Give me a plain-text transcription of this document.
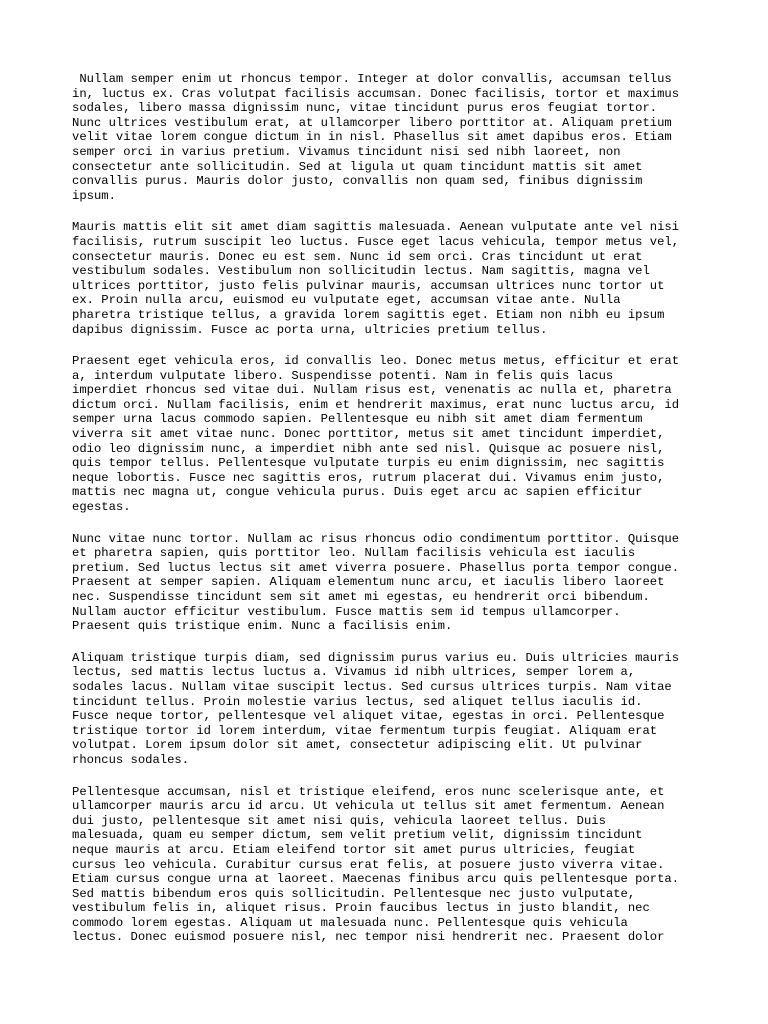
Nullam semper enim ut rhoncus tempor. Integer at dolor convallis, accumsan tellus
in, luctus ex. Cras volutpat facilisis accumsan. Donec facilisis, tortor et maximus
sodales, libero massa dignissim nunc, vitae tincidunt purus eros feugiat tortor.
Nunc ultrices vestibulum erat, at ullamcorper libero porttitor at. Aliquam pretium
velit vitae lorem congue dictum in in nisl. Phasellus sit amet dapibus eros. Etiam
semper orci in varius pretium. Vivamus tincidunt nisi sed nibh laoreet, non
consectetur ante sollicitudin. Sed at ligula ut quam tincidunt mattis sit amet
convallis purus. Mauris dolor justo, convallis non quam sed, finibus dignissim
ipsum.
Mauris mattis elit sit amet diam sagittis malesuada. Aenean vulputate ante vel nisi
facilisis, rutrum suscipit leo luctus. Fusce eget lacus vehicula, tempor metus vel,
consectetur mauris. Donec eu est sem. Nunc id sem orci. Cras tincidunt ut erat
vestibulum sodales. Vestibulum non sollicitudin lectus. Nam sagittis, magna vel
ultrices porttitor, justo felis pulvinar mauris, accumsan ultrices nunc tortor ut
ex. Proin nulla arcu, euismod eu vulputate eget, accumsan vitae ante. Nulla
pharetra tristique tellus, a gravida lorem sagittis eget. Etiam non nibh eu ipsum
dapibus dignissim. Fusce ac porta urna, ultricies pretium tellus.
Praesent eget vehicula eros, id convallis leo. Donec metus metus, efficitur et erat
a, interdum vulputate libero. Suspendisse potenti. Nam in felis quis lacus
imperdiet rhoncus sed vitae dui. Nullam risus est, venenatis ac nulla et, pharetra
dictum orci. Nullam facilisis, enim et hendrerit maximus, erat nunc luctus arcu, id
semper urna lacus commodo sapien. Pellentesque eu nibh sit amet diam fermentum
viverra sit amet vitae nunc. Donec porttitor, metus sit amet tincidunt imperdiet,
odio leo dignissim nunc, a imperdiet nibh ante sed nisl. Quisque ac posuere nisl,
quis tempor tellus. Pellentesque vulputate turpis eu enim dignissim, nec sagittis
neque lobortis. Fusce nec sagittis eros, rutrum placerat dui. Vivamus enim justo,
mattis nec magna ut, congue vehicula purus. Duis eget arcu ac sapien efficitur
egestas.
Nunc vitae nunc tortor. Nullam ac risus rhoncus odio condimentum porttitor. Quisque
et pharetra sapien, quis porttitor leo. Nullam facilisis vehicula est iaculis
pretium. Sed luctus lectus sit amet viverra posuere. Phasellus porta tempor congue.
Praesent at semper sapien. Aliquam elementum nunc arcu, et iaculis libero laoreet
nec. Suspendisse tincidunt sem sit amet mi egestas, eu hendrerit orci bibendum.
Nullam auctor efficitur vestibulum. Fusce mattis sem id tempus ullamcorper.
Praesent quis tristique enim. Nunc a facilisis enim.
Aliquam tristique turpis diam, sed dignissim purus varius eu. Duis ultricies mauris
lectus, sed mattis lectus luctus a. Vivamus id nibh ultrices, semper lorem a,
sodales lacus. Nullam vitae suscipit lectus. Sed cursus ultrices turpis. Nam vitae
tincidunt tellus. Proin molestie varius lectus, sed aliquet tellus iaculis id.
Fusce neque tortor, pellentesque vel aliquet vitae, egestas in orci. Pellentesque
tristique tortor id lorem interdum, vitae fermentum turpis feugiat. Aliquam erat
volutpat. Lorem ipsum dolor sit amet, consectetur adipiscing elit. Ut pulvinar
rhoncus sodales.
Pellentesque accumsan, nisl et tristique eleifend, eros nunc scelerisque ante, et
ullamcorper mauris arcu id arcu. Ut vehicula ut tellus sit amet fermentum. Aenean
dui justo, pellentesque sit amet nisi quis, vehicula laoreet tellus. Duis
malesuada, quam eu semper dictum, sem velit pretium velit, dignissim tincidunt
neque mauris at arcu. Etiam eleifend tortor sit amet purus ultricies, feugiat
cursus leo vehicula. Curabitur cursus erat felis, at posuere justo viverra vitae.
Etiam cursus congue urna at laoreet. Maecenas finibus arcu quis pellentesque porta.
Sed mattis bibendum eros quis sollicitudin. Pellentesque nec justo vulputate,
vestibulum felis in, aliquet risus. Proin faucibus lectus in justo blandit, nec
commodo lorem egestas. Aliquam ut malesuada nunc. Pellentesque quis vehicula
lectus. Donec euismod posuere nisl, nec tempor nisi hendrerit nec. Praesent dolor
